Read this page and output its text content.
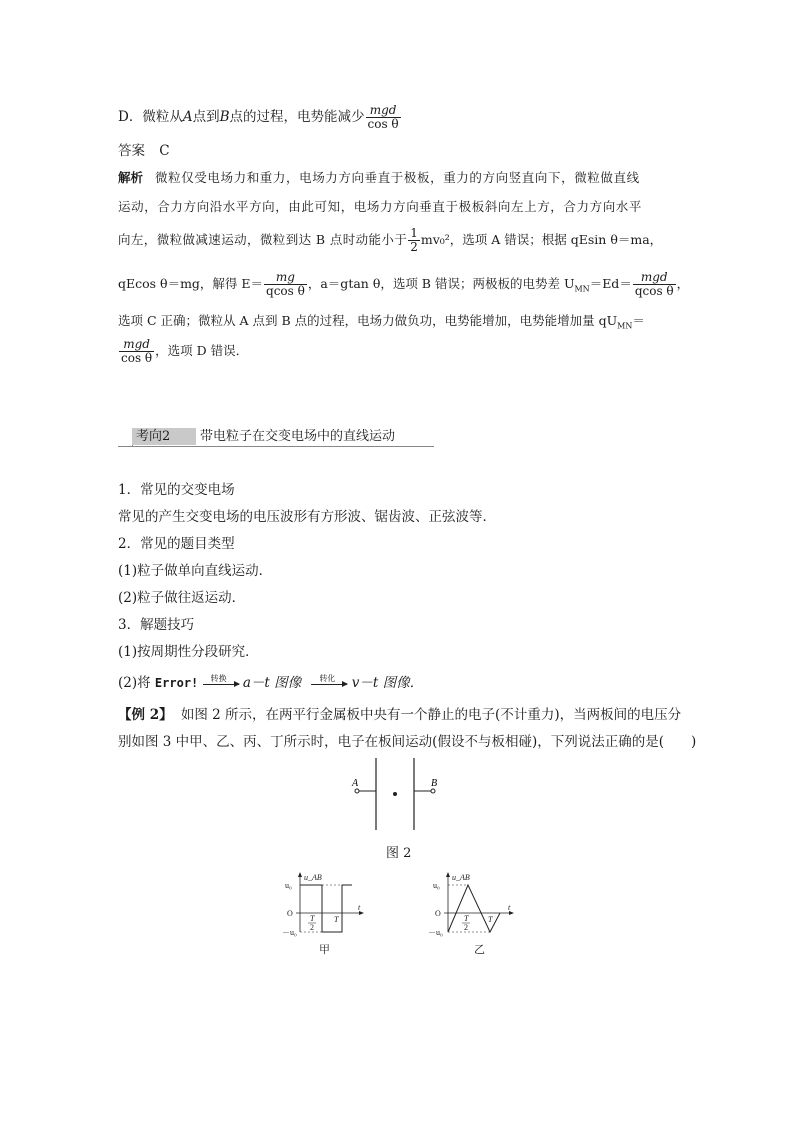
D．微粒从A点到B点的过程，电势能减少 $\frac{\text{mgd}}{\text{cos θ}}$
答案 C
解析 微粒仅受电场力和重力，电场力方向垂直于极板，重力的方向竖直向下，微粒做直线
运动，合力方向沿水平方向，由此可知，电场力方向垂直于极板斜向左上方，合力方向水平
向左，微粒做减速运动，微粒到达 B 点时动能小于 $\frac{1}{2} mv_0^2$，选项 A 错误；根据 qEsin θ＝ma，
qEcos θ＝mg，解得 $E= \frac{mg}{\text{qcos θ}}$ ，a＝gtan θ，选项 B 错误；两极板的电势差 $U_{MN}=Ed= \frac{\text{mgd}}{\text{qcos θ}}$ ，
选项 C 正确；微粒从 A 点到 B 点的过程，电场力做负功，电势能增加，电势能增加量 $qU_{MN}=$
$\frac{\text{mgd}}{\text{cos θ}}$ ，选项 D 错误．
考向2	带电粒子在交变电场中的直线运动
1．常见的交变电场
常见的产生交变电场的电压波形有方形波、锯齿波、正弦波等．
2．常见的题目类型
(1)粒子做单向直线运动．
(2)粒子做往返运动．
3．解题技巧
(1)按周期性分段研究．
(2)将 Error! 转换 a－t 图像 转化 v－t 图像．
【例 2】 如图 2 所示，在两平行金属板中央有一个静止的电子(不计重力)，当两板间的电压分
别如图 3 中甲、乙、丙、丁所示时，电子在板间运动(假设不与板相碰)，下列说法正确的是(　　)
A	B
图 2
u_AB
u₀
O
－u₀
T
2
T
t
甲
u_AB
u₀
O
－u₀
T
2
T
t
乙
